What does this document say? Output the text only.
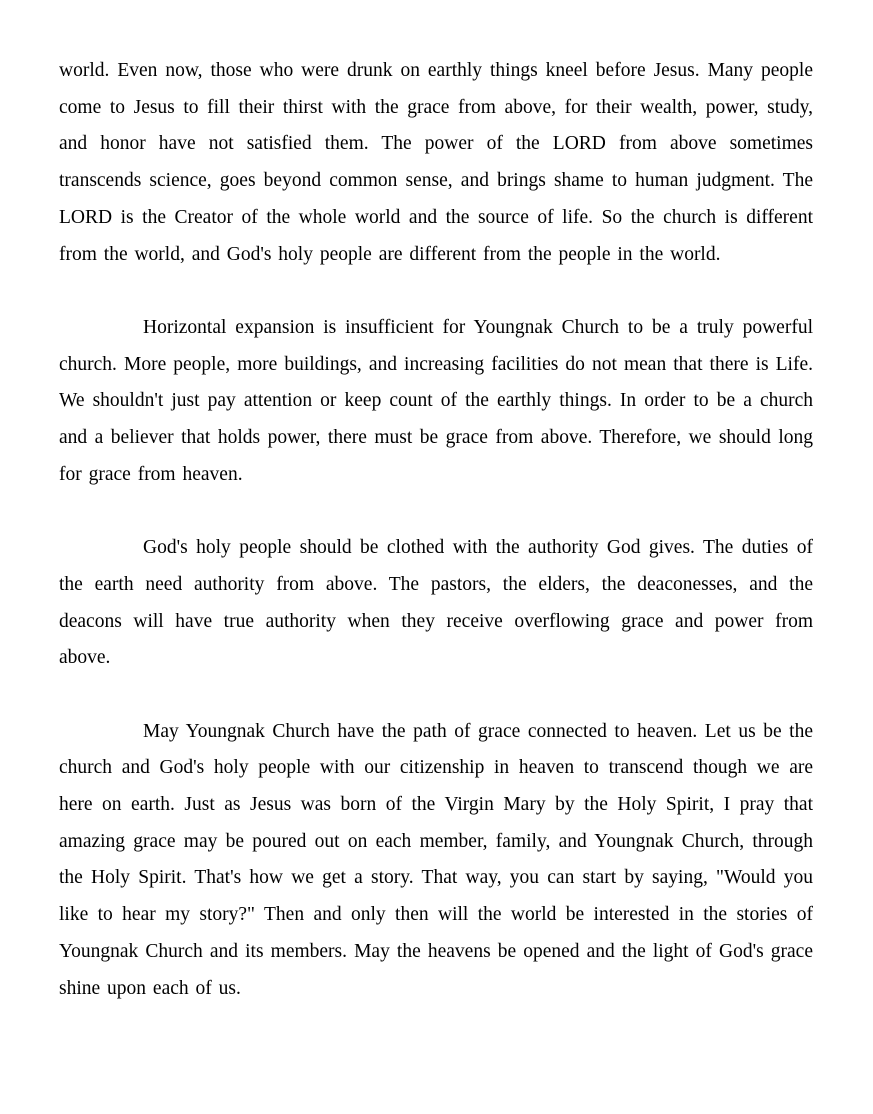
world. Even now, those who were drunk on earthly things kneel before Jesus. Many people come to Jesus to fill their thirst with the grace from above, for their wealth, power, study, and honor have not satisfied them. The power of the LORD from above sometimes transcends science, goes beyond common sense, and brings shame to human judgment. The LORD is the Creator of the whole world and the source of life. So the church is different from the world, and God's holy people are different from the people in the world.

Horizontal expansion is insufficient for Youngnak Church to be a truly powerful church. More people, more buildings, and increasing facilities do not mean that there is Life. We shouldn't just pay attention or keep count of the earthly things. In order to be a church and a believer that holds power, there must be grace from above. Therefore, we should long for grace from heaven.

God's holy people should be clothed with the authority God gives. The duties of the earth need authority from above. The pastors, the elders, the deaconesses, and the deacons will have true authority when they receive overflowing grace and power from above.

May Youngnak Church have the path of grace connected to heaven. Let us be the church and God's holy people with our citizenship in heaven to transcend though we are here on earth. Just as Jesus was born of the Virgin Mary by the Holy Spirit, I pray that amazing grace may be poured out on each member, family, and Youngnak Church, through the Holy Spirit. That's how we get a story. That way, you can start by saying, "Would you like to hear my story?" Then and only then will the world be interested in the stories of Youngnak Church and its members. May the heavens be opened and the light of God's grace shine upon each of us.
